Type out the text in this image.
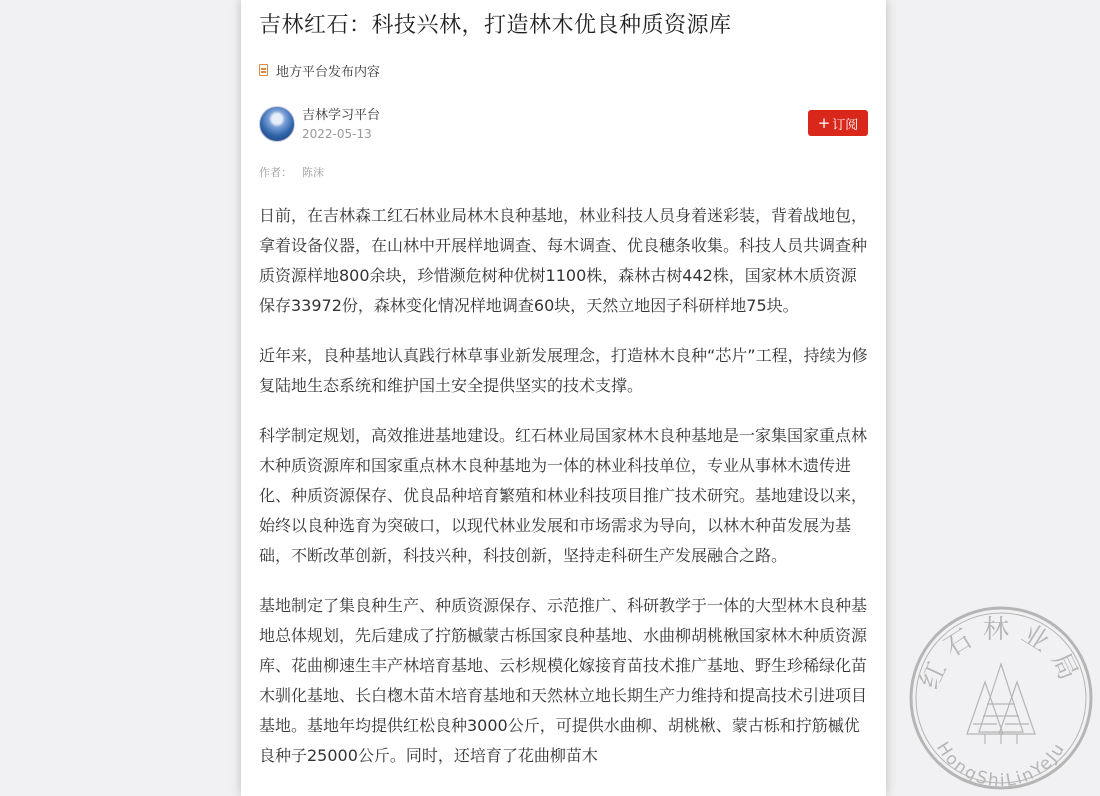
吉林红石：科技兴林，打造林木优良种质资源库
地方平台发布内容
吉林学习平台
2022-05-13
+ 订阅
作者： 陈沫

日前，在吉林森工红石林业局林木良种基地，林业科技人员身着迷彩装，背着战地包，拿着设备仪器，在山林中开展样地调查、每木调查、优良穗条收集。科技人员共调查种质资源样地800余块，珍惜濒危树种优树1100株，森林古树442株，国家林木质资源保存33972份，森林变化情况样地调查60块，天然立地因子科研样地75块。

近年来，良种基地认真践行林草事业新发展理念，打造林木良种“芯片”工程，持续为修复陆地生态系统和维护国土安全提供坚实的技术支撑。

科学制定规划，高效推进基地建设。红石林业局国家林木良种基地是一家集国家重点林木种质资源库和国家重点林木良种基地为一体的林业科技单位，专业从事林木遗传进化、种质资源保存、优良品种培育繁殖和林业科技项目推广技术研究。基地建设以来，始终以良种选育为突破口，以现代林业发展和市场需求为导向，以林木种苗发展为基础，不断改革创新，科技兴种，科技创新，坚持走科研生产发展融合之路。

基地制定了集良种生产、种质资源保存、示范推广、科研教学于一体的大型林木良种基地总体规划，先后建成了拧筋槭蒙古栎国家良种基地、水曲柳胡桃楸国家林木种质资源库、花曲柳速生丰产林培育基地、云杉规模化嫁接育苗技术推广基地、野生珍稀绿化苗木驯化基地、长白楤木苗木培育基地和天然林立地长期生产力维持和提高技术引进项目基地。基地年均提供红松良种3000公斤，可提供水曲柳、胡桃楸、蒙古栎和拧筋槭优良种子25000公斤。同时，还培育了花曲柳苗木

红石林业局
HongShiLinYeJu
